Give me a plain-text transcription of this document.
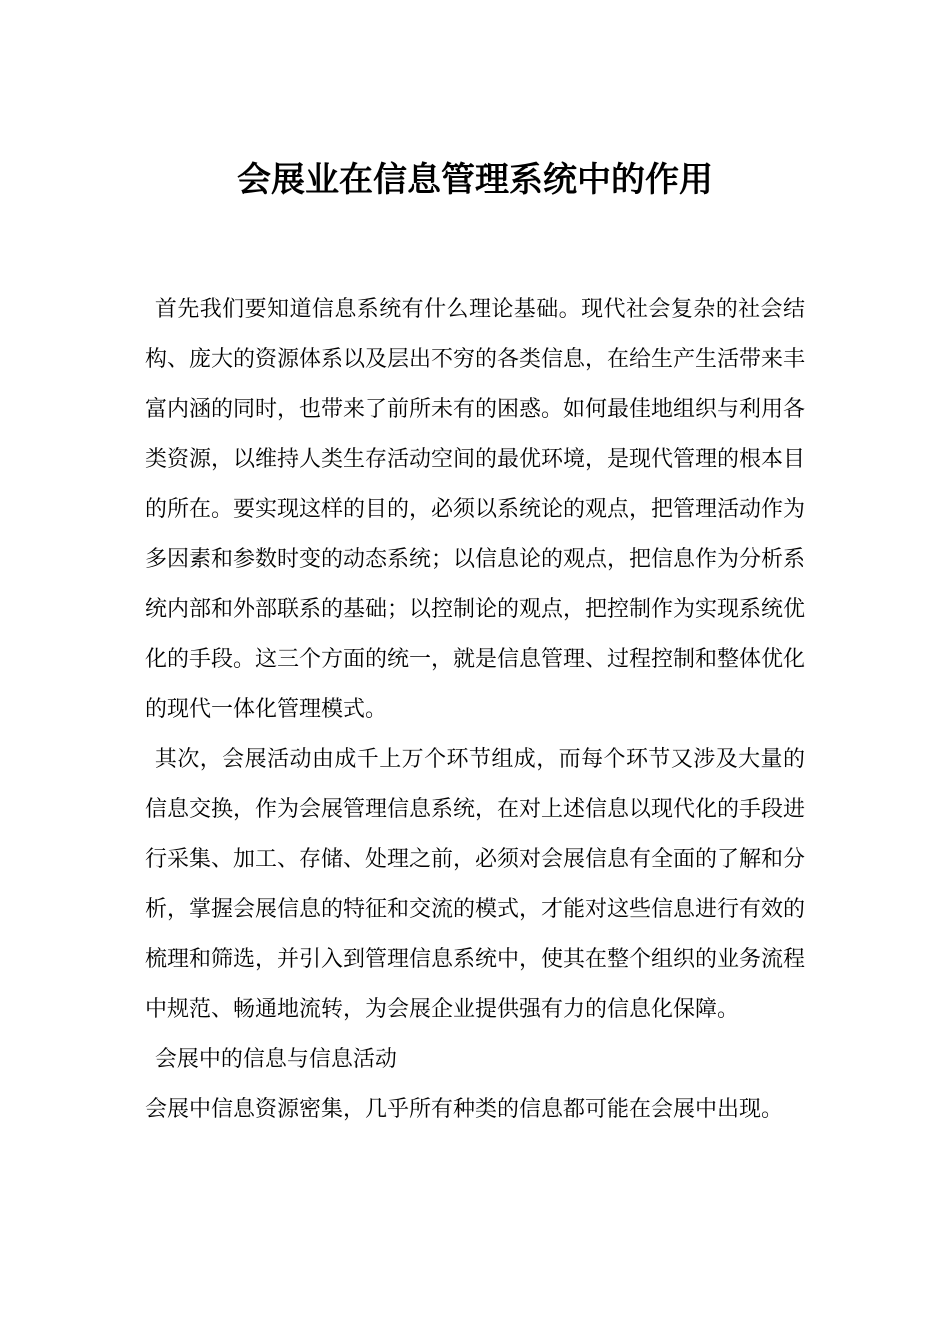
会展业在信息管理系统中的作用

首先我们要知道信息系统有什么理论基础。现代社会复杂的社会结构、庞大的资源体系以及层出不穷的各类信息，在给生产生活带来丰富内涵的同时，也带来了前所未有的困惑。如何最佳地组织与利用各类资源，以维持人类生存活动空间的最优环境，是现代管理的根本目的所在。要实现这样的目的，必须以系统论的观点，把管理活动作为多因素和参数时变的动态系统；以信息论的观点，把信息作为分析系统内部和外部联系的基础；以控制论的观点，把控制作为实现系统优化的手段。这三个方面的统一，就是信息管理、过程控制和整体优化的现代一体化管理模式。

其次，会展活动由成千上万个环节组成，而每个环节又涉及大量的信息交换，作为会展管理信息系统，在对上述信息以现代化的手段进行采集、加工、存储、处理之前，必须对会展信息有全面的了解和分析，掌握会展信息的特征和交流的模式，才能对这些信息进行有效的梳理和筛选，并引入到管理信息系统中，使其在整个组织的业务流程中规范、畅通地流转，为会展企业提供强有力的信息化保障。

会展中的信息与信息活动

会展中信息资源密集，几乎所有种类的信息都可能在会展中出现。
